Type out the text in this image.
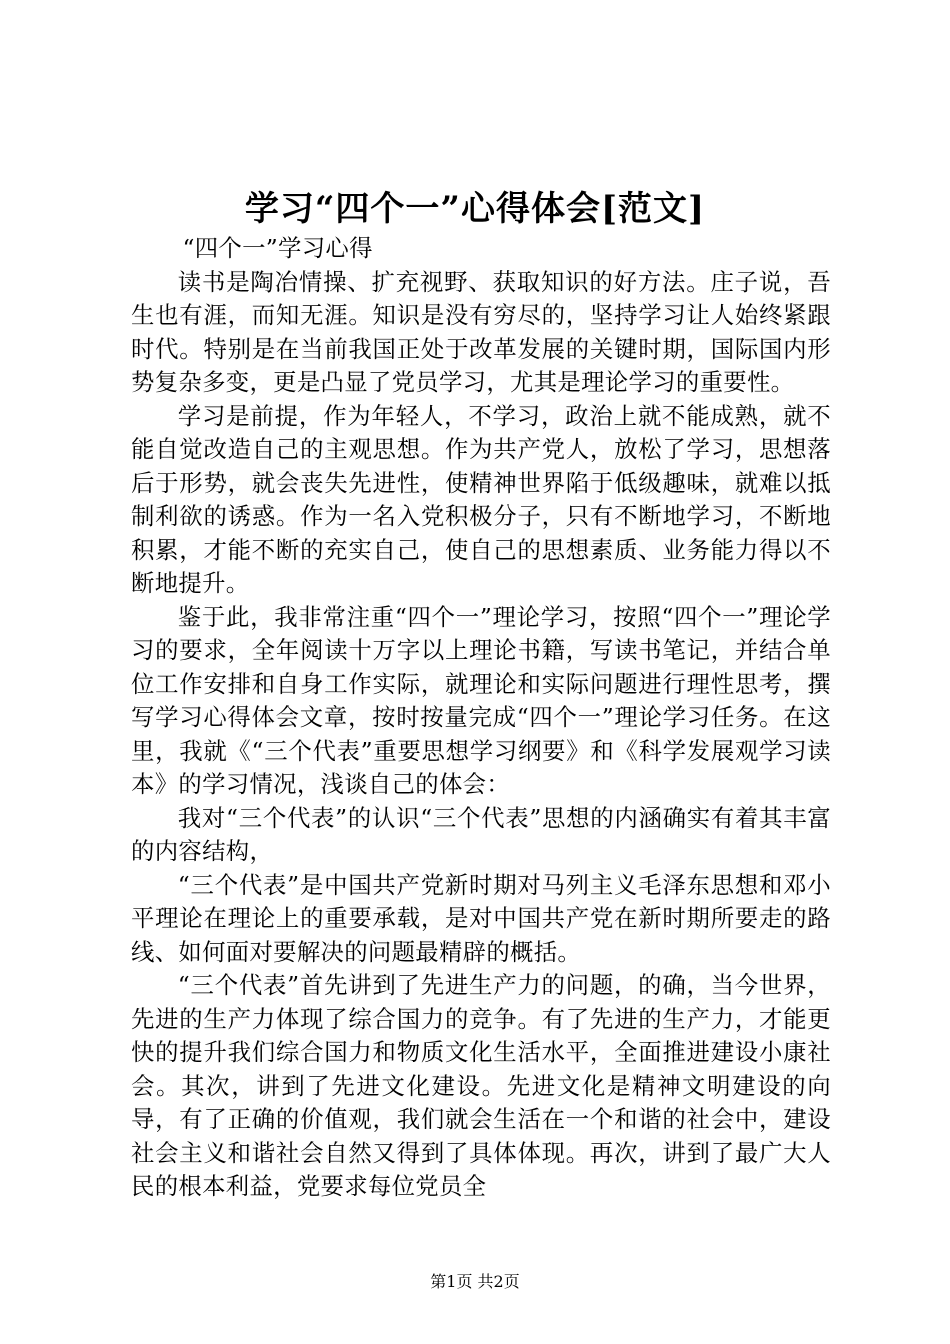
学习“四个一”心得体会[范文]

“四个一”学习心得

读书是陶冶情操、扩充视野、获取知识的好方法。庄子说，吾生也有涯，而知无涯。知识是没有穷尽的，坚持学习让人始终紧跟时代。特别是在当前我国正处于改革发展的关键时期，国际国内形势复杂多变，更是凸显了党员学习，尤其是理论学习的重要性。

学习是前提，作为年轻人，不学习，政治上就不能成熟，就不能自觉改造自己的主观思想。作为共产党人，放松了学习，思想落后于形势，就会丧失先进性，使精神世界陷于低级趣味，就难以抵制利欲的诱惑。作为一名入党积极分子，只有不断地学习，不断地积累，才能不断的充实自己，使自己的思想素质、业务能力得以不断地提升。

鉴于此，我非常注重“四个一”理论学习，按照“四个一”理论学习的要求，全年阅读十万字以上理论书籍，写读书笔记，并结合单位工作安排和自身工作实际，就理论和实际问题进行理性思考，撰写学习心得体会文章，按时按量完成“四个一”理论学习任务。在这里，我就《“三个代表”重要思想学习纲要》和《科学发展观学习读本》的学习情况，浅谈自己的体会：

我对“三个代表”的认识“三个代表”思想的内涵确实有着其丰富的内容结构，

“三个代表”是中国共产党新时期对马列主义毛泽东思想和邓小平理论在理论上的重要承载，是对中国共产党在新时期所要走的路线、如何面对要解决的问题最精辟的概括。

“三个代表”首先讲到了先进生产力的问题，的确，当今世界，先进的生产力体现了综合国力的竞争。有了先进的生产力，才能更快的提升我们综合国力和物质文化生活水平，全面推进建设小康社会。其次，讲到了先进文化建设。先进文化是精神文明建设的向导，有了正确的价值观，我们就会生活在一个和谐的社会中，建设社会主义和谐社会自然又得到了具体体现。再次，讲到了最广大人民的根本利益，党要求每位党员全

第1页 共2页
